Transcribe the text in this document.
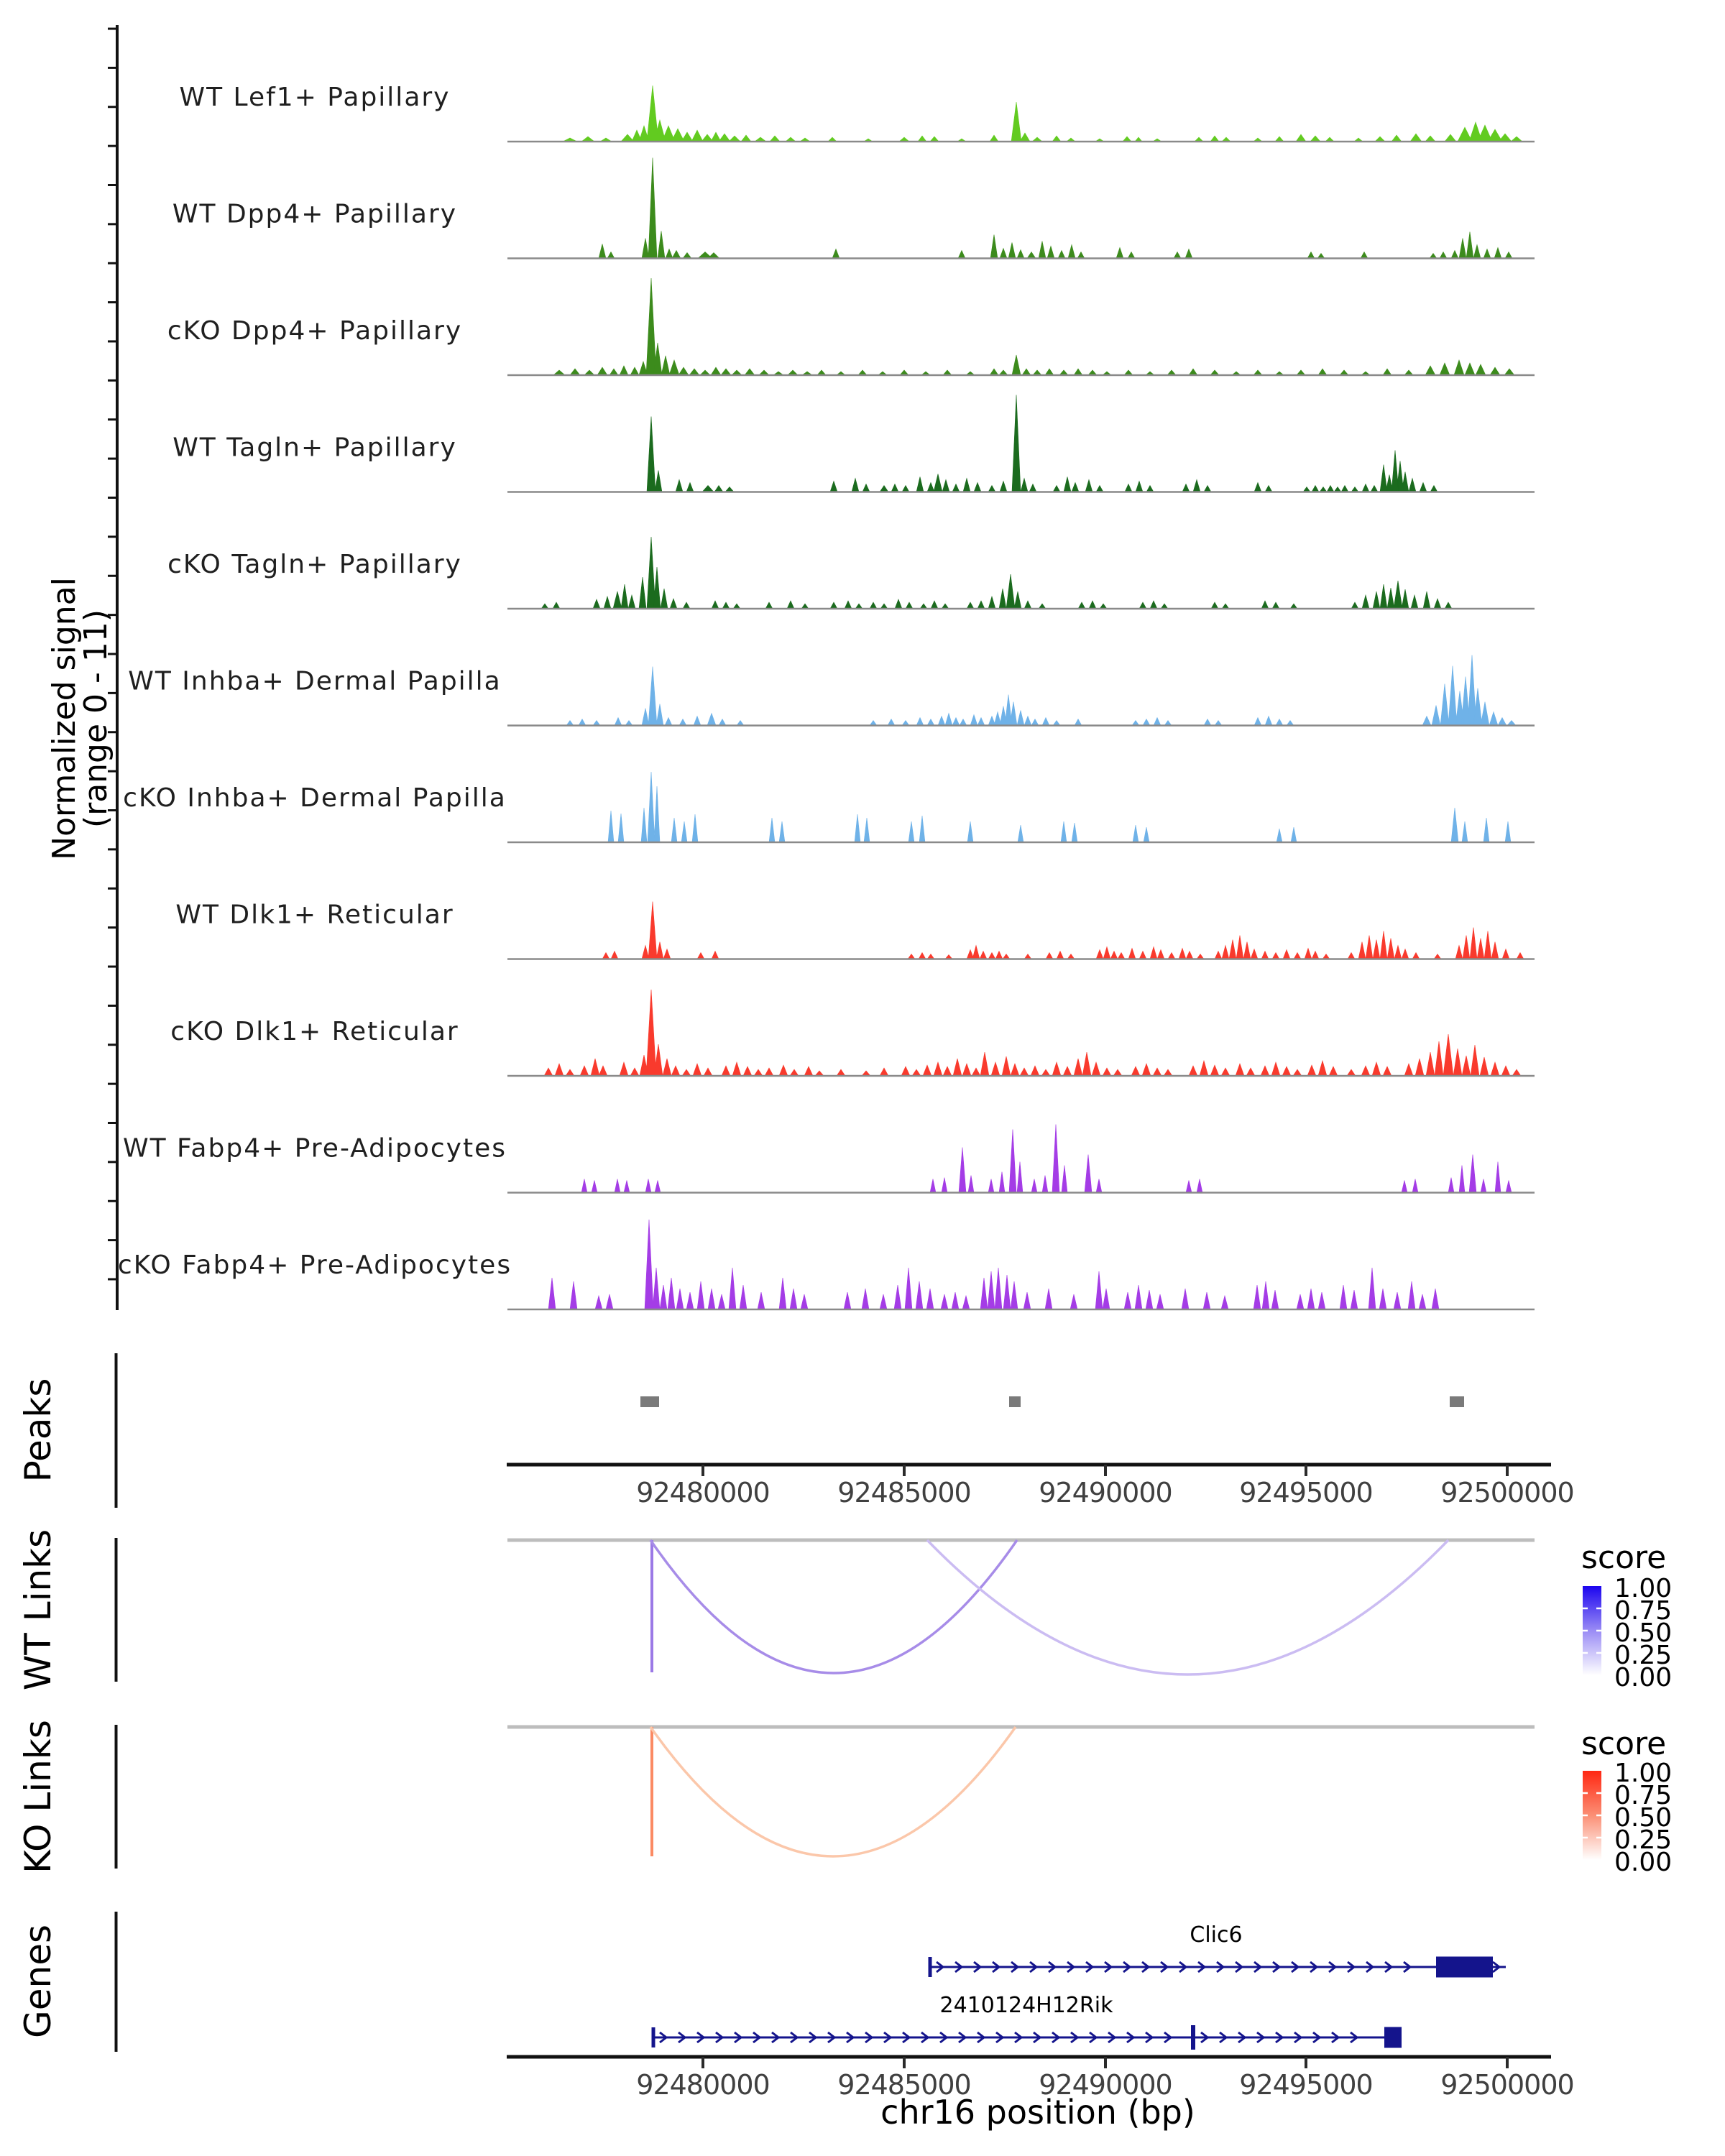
Normalized signal
(range 0 - 11)
Peaks
WT Links
KO Links
Genes
score
score
chr16 position (bp)
WT Lef1+ Papillary
WT Dpp4+ Papillary
cKO Dpp4+ Papillary
WT Tagln+ Papillary
cKO Tagln+ Papillary
WT Inhba+ Dermal Papilla
cKO Inhba+ Dermal Papilla
WT Dlk1+ Reticular
cKO Dlk1+ Reticular
WT Fabp4+ Pre-Adipocytes
cKO Fabp4+ Pre-Adipocytes
92480000 92485000 92490000 92495000 92500000
92480000 92485000 92490000 92495000 92500000
1.00
0.75
0.50
0.25
0.00
1.00
0.75
0.50
0.25
0.00
Clic6
2410124H12Rik
